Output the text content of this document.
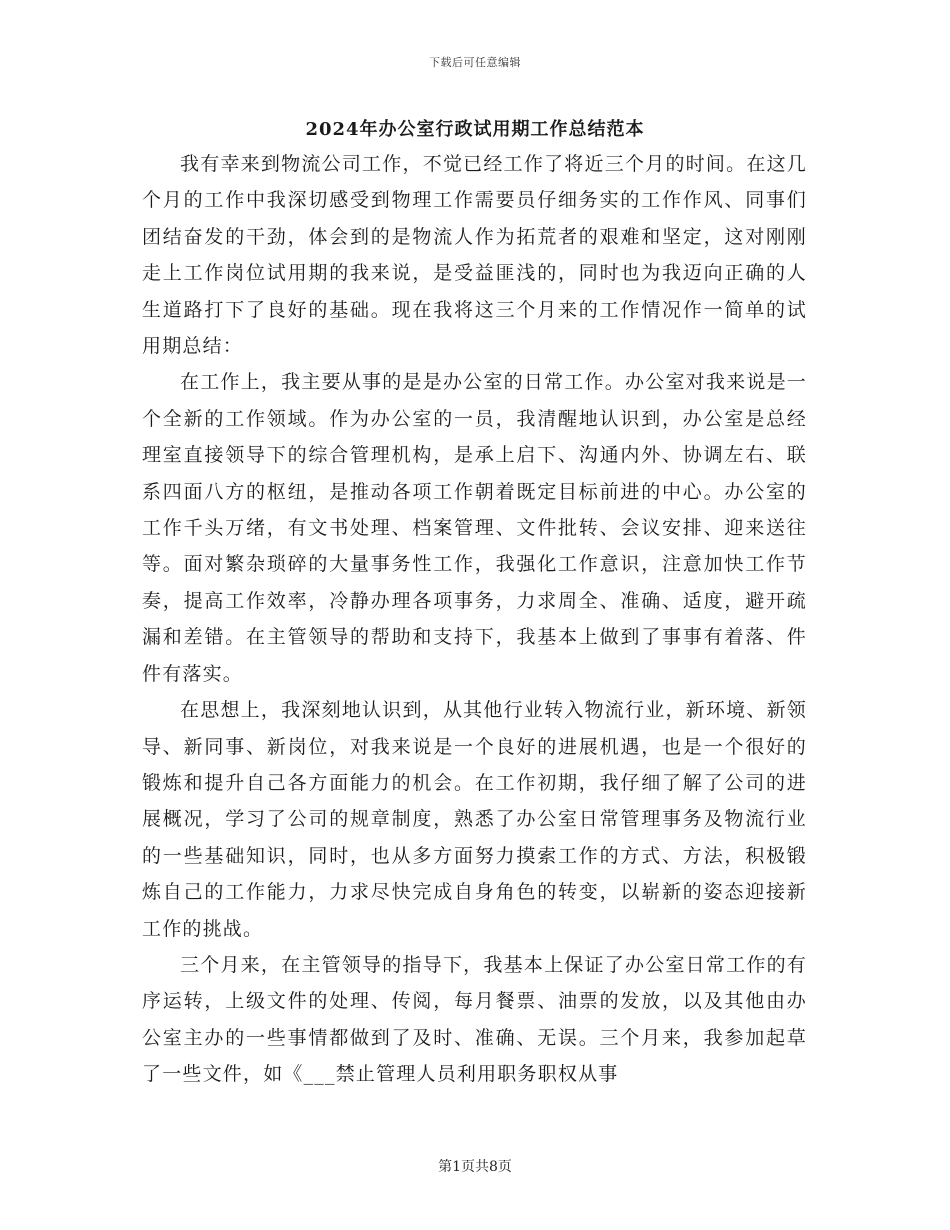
下载后可任意编辑
2024年办公室行政试用期工作总结范本

我有幸来到物流公司工作，不觉已经工作了将近三个月的时间。在这几个月的工作中我深切感受到物理工作需要员仔细务实的工作作风、同事们团结奋发的干劲，体会到的是物流人作为拓荒者的艰难和坚定，这对刚刚走上工作岗位试用期的我来说，是受益匪浅的，同时也为我迈向正确的人生道路打下了良好的基础。现在我将这三个月来的工作情况作一简单的试用期总结：

在工作上，我主要从事的是是办公室的日常工作。办公室对我来说是一个全新的工作领域。作为办公室的一员，我清醒地认识到，办公室是总经理室直接领导下的综合管理机构，是承上启下、沟通内外、协调左右、联系四面八方的枢纽，是推动各项工作朝着既定目标前进的中心。办公室的工作千头万绪，有文书处理、档案管理、文件批转、会议安排、迎来送往等。面对繁杂琐碎的大量事务性工作，我强化工作意识，注意加快工作节奏，提高工作效率，冷静办理各项事务，力求周全、准确、适度，避开疏漏和差错。在主管领导的帮助和支持下，我基本上做到了事事有着落、件件有落实。

在思想上，我深刻地认识到，从其他行业转入物流行业，新环境、新领导、新同事、新岗位，对我来说是一个良好的进展机遇，也是一个很好的锻炼和提升自己各方面能力的机会。在工作初期，我仔细了解了公司的进展概况，学习了公司的规章制度，熟悉了办公室日常管理事务及物流行业的一些基础知识，同时，也从多方面努力摸索工作的方式、方法，积极锻炼自己的工作能力，力求尽快完成自身角色的转变，以崭新的姿态迎接新工作的挑战。

三个月来，在主管领导的指导下，我基本上保证了办公室日常工作的有序运转，上级文件的处理、传阅，每月餐票、油票的发放，以及其他由办公室主办的一些事情都做到了及时、准确、无误。三个月来，我参加起草了一些文件，如《___禁止管理人员利用职务职权从事

第1页共8页
